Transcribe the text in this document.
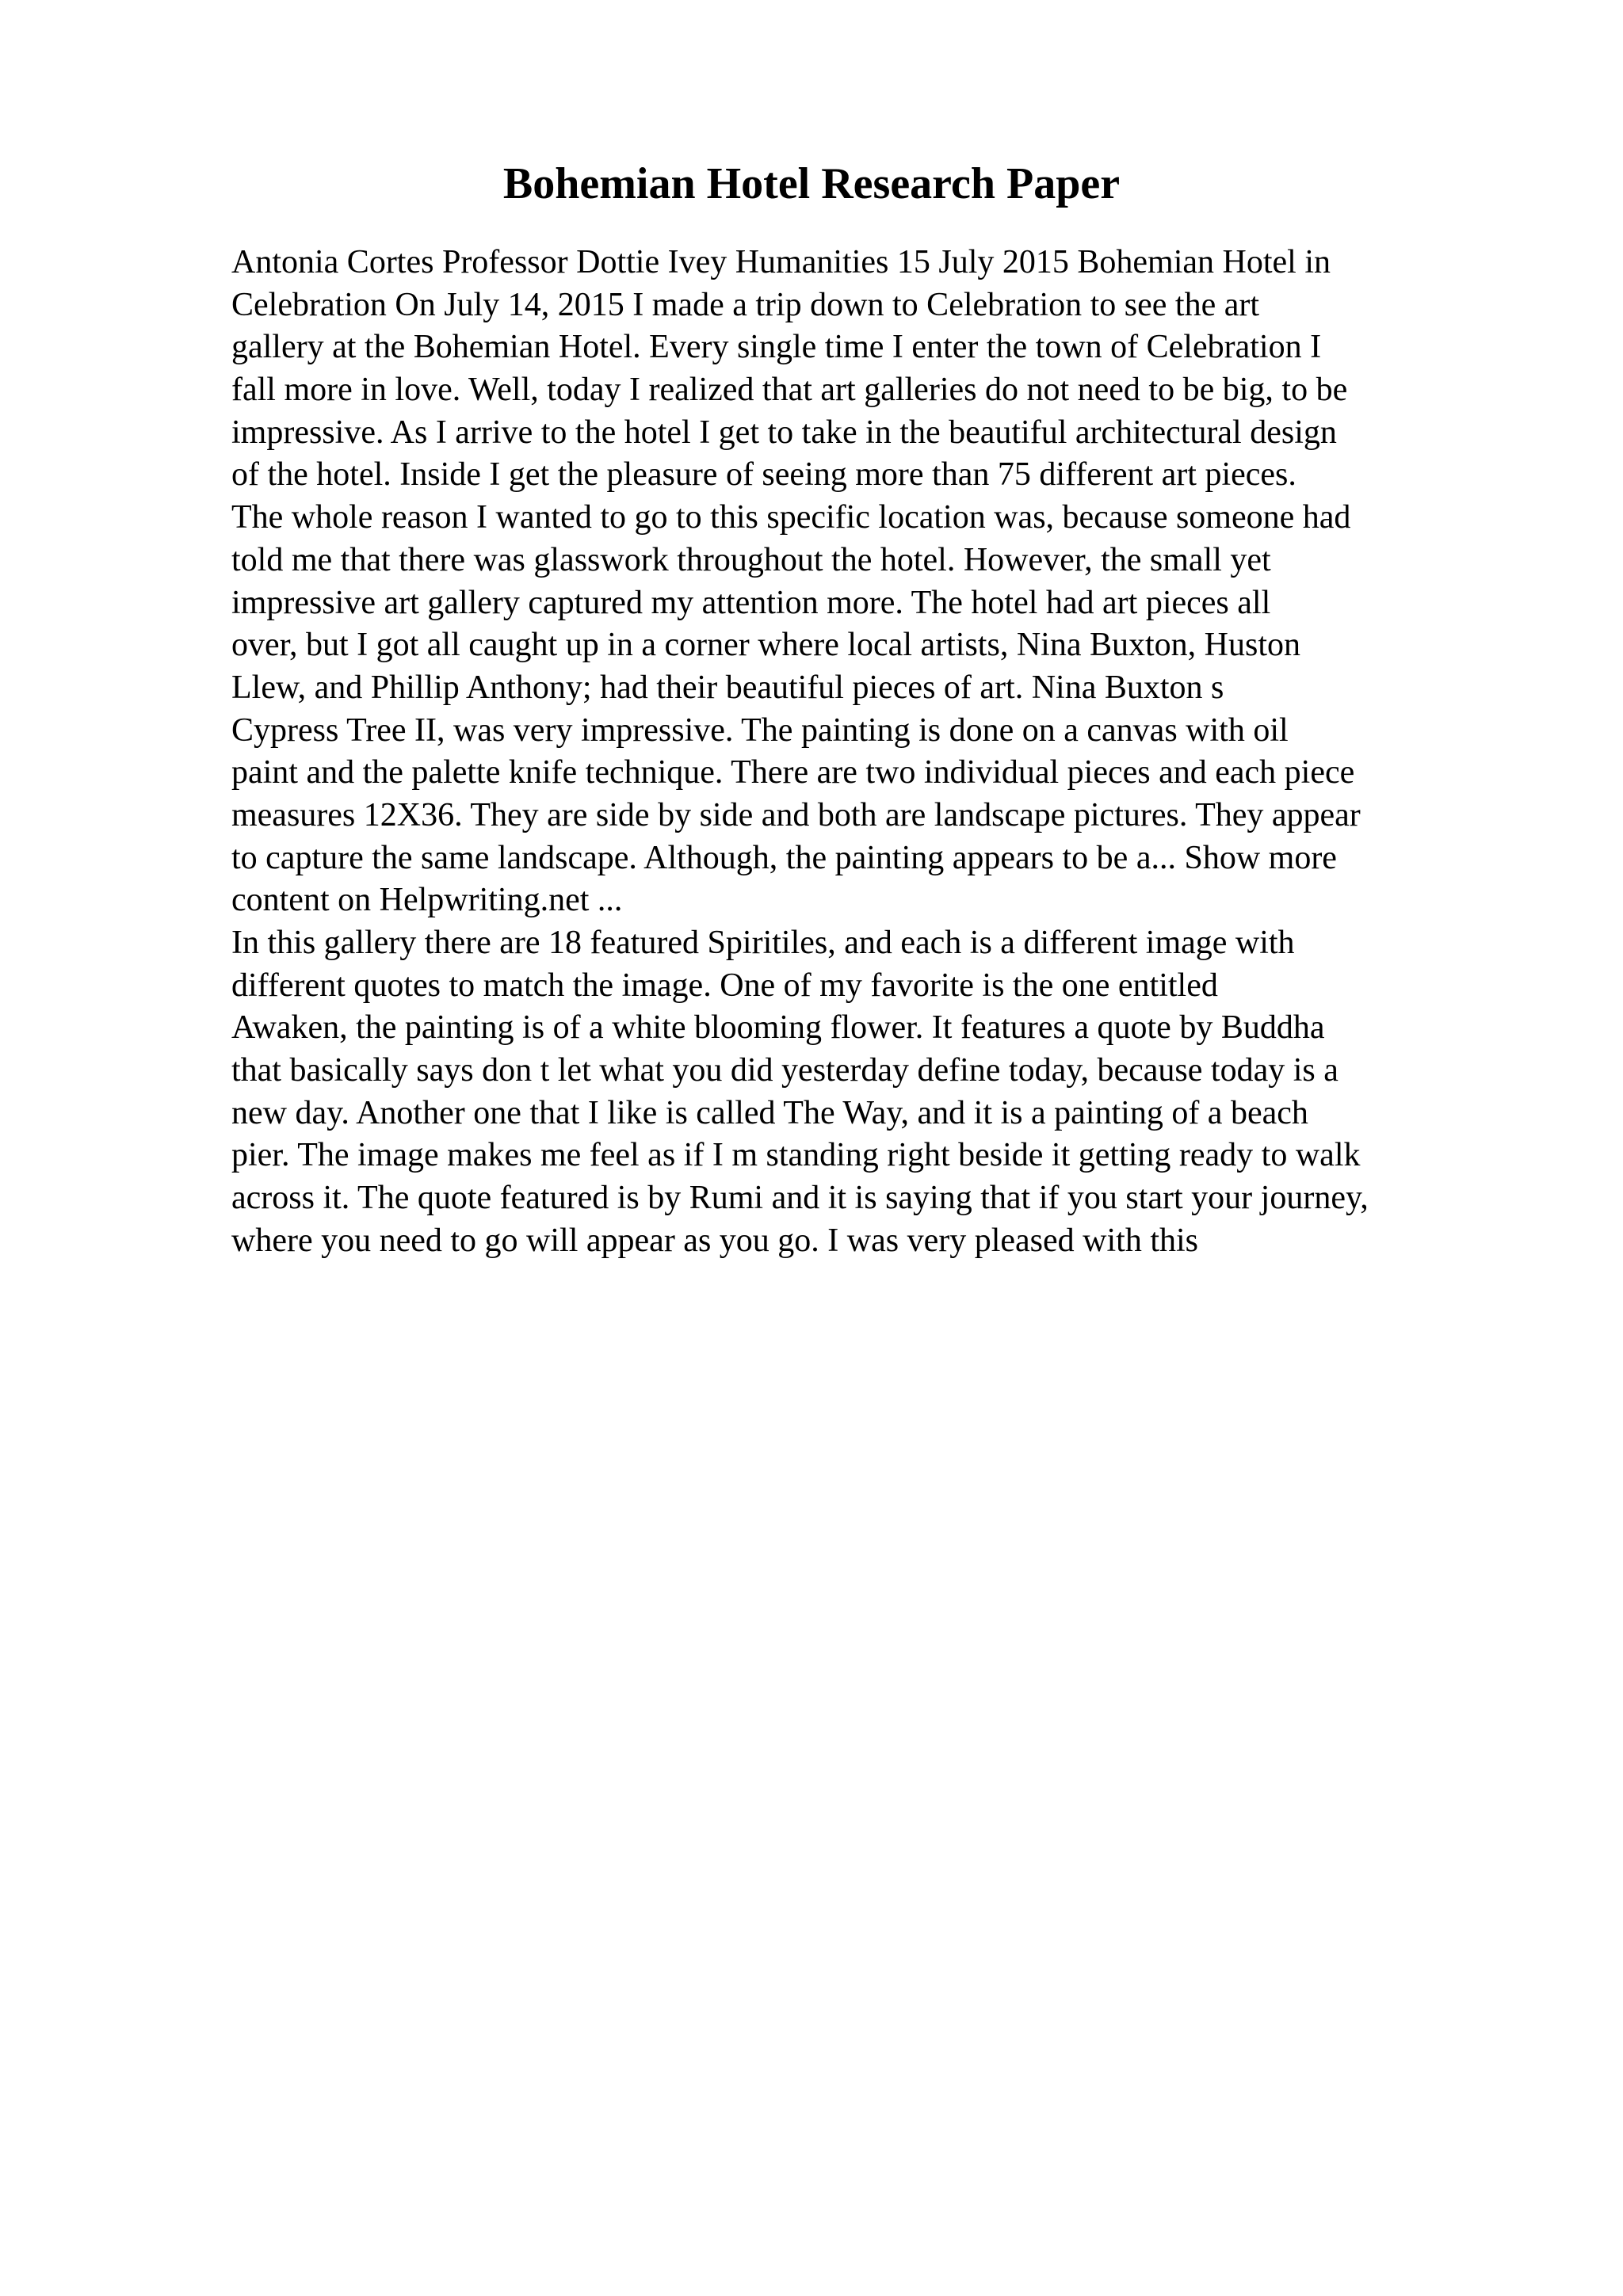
Bohemian Hotel Research Paper
Antonia Cortes Professor Dottie Ivey Humanities 15 July 2015 Bohemian Hotel in
Celebration On July 14, 2015 I made a trip down to Celebration to see the art
gallery at the Bohemian Hotel. Every single time I enter the town of Celebration I
fall more in love. Well, today I realized that art galleries do not need to be big, to be
impressive. As I arrive to the hotel I get to take in the beautiful architectural design
of the hotel. Inside I get the pleasure of seeing more than 75 different art pieces.
The whole reason I wanted to go to this specific location was, because someone had
told me that there was glasswork throughout the hotel. However, the small yet
impressive art gallery captured my attention more. The hotel had art pieces all
over, but I got all caught up in a corner where local artists, Nina Buxton, Huston
Llew, and Phillip Anthony; had their beautiful pieces of art. Nina Buxton s
Cypress Tree II, was very impressive. The painting is done on a canvas with oil
paint and the palette knife technique. There are two individual pieces and each piece
measures 12X36. They are side by side and both are landscape pictures. They appear
to capture the same landscape. Although, the painting appears to be a... Show more
content on Helpwriting.net ...
In this gallery there are 18 featured Spiritiles, and each is a different image with
different quotes to match the image. One of my favorite is the one entitled
Awaken, the painting is of a white blooming flower. It features a quote by Buddha
that basically says don t let what you did yesterday define today, because today is a
new day. Another one that I like is called The Way, and it is a painting of a beach
pier. The image makes me feel as if I m standing right beside it getting ready to walk
across it. The quote featured is by Rumi and it is saying that if you start your journey,
where you need to go will appear as you go. I was very pleased with this
